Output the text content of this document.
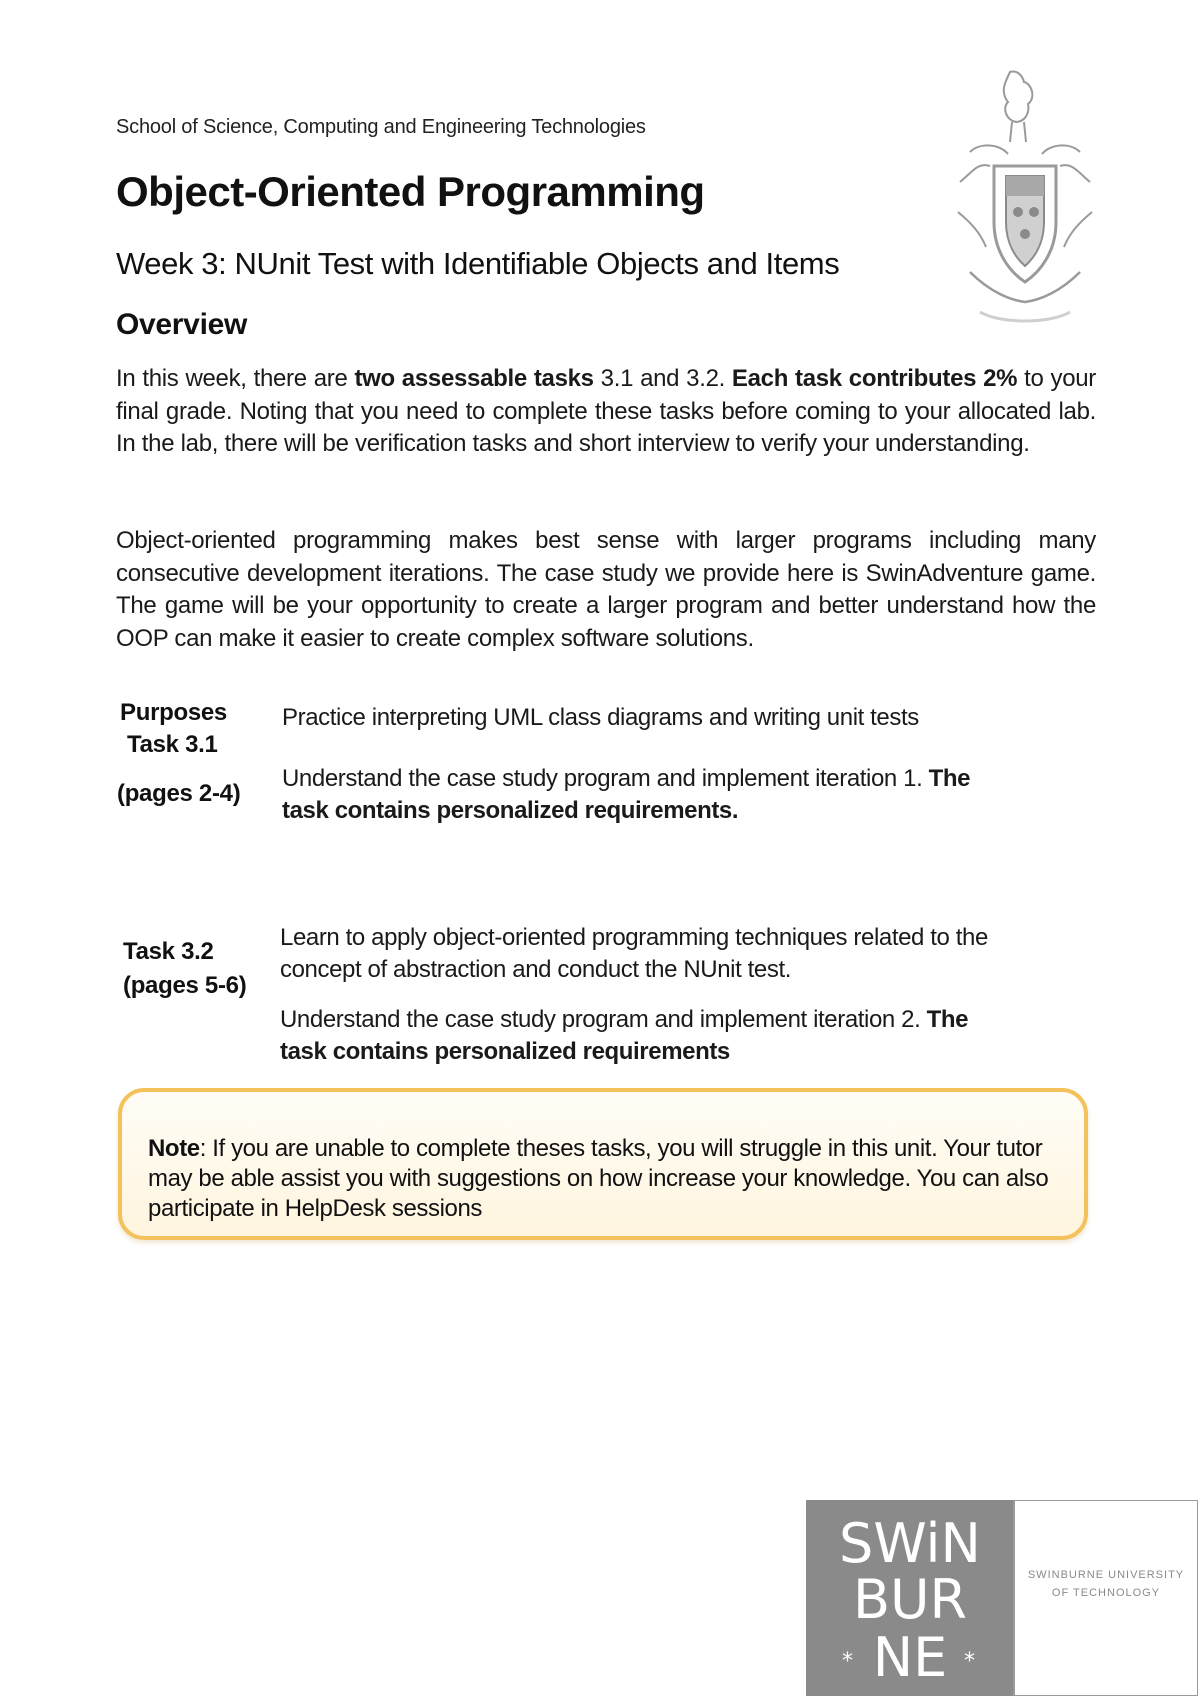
School of Science, Computing and Engineering Technologies
Object-Oriented Programming
Week 3: NUnit Test with Identifiable Objects and Items
Overview

In this week, there are two assessable tasks 3.1 and 3.2. Each task contributes 2% to your final grade. Noting that you need to complete these tasks before coming to your allocated lab. In the lab, there will be verification tasks and short interview to verify your understanding.

Object-oriented programming makes best sense with larger programs including many consecutive development iterations. The case study we provide here is SwinAdventure game. The game will be your opportunity to create a larger program and better understand how the OOP can make it easier to create complex software solutions.

Purposes
Task 3.1
(pages 2-4)
Practice interpreting UML class diagrams and writing unit tests
Understand the case study program and implement iteration 1. The task contains personalized requirements.
Task 3.2
(pages 5-6)
Learn to apply object-oriented programming techniques related to the concept of abstraction and conduct the NUnit test.
Understand the case study program and implement iteration 2. The task contains personalized requirements
Note: If you are unable to complete theses tasks, you will struggle in this unit. Your tutor may be able assist you with suggestions on how increase your knowledge. You can also participate in HelpDesk sessions
SWiN
BUR
NE
*	*
SWINBURNE UNIVERSITY
OF TECHNOLOGY
